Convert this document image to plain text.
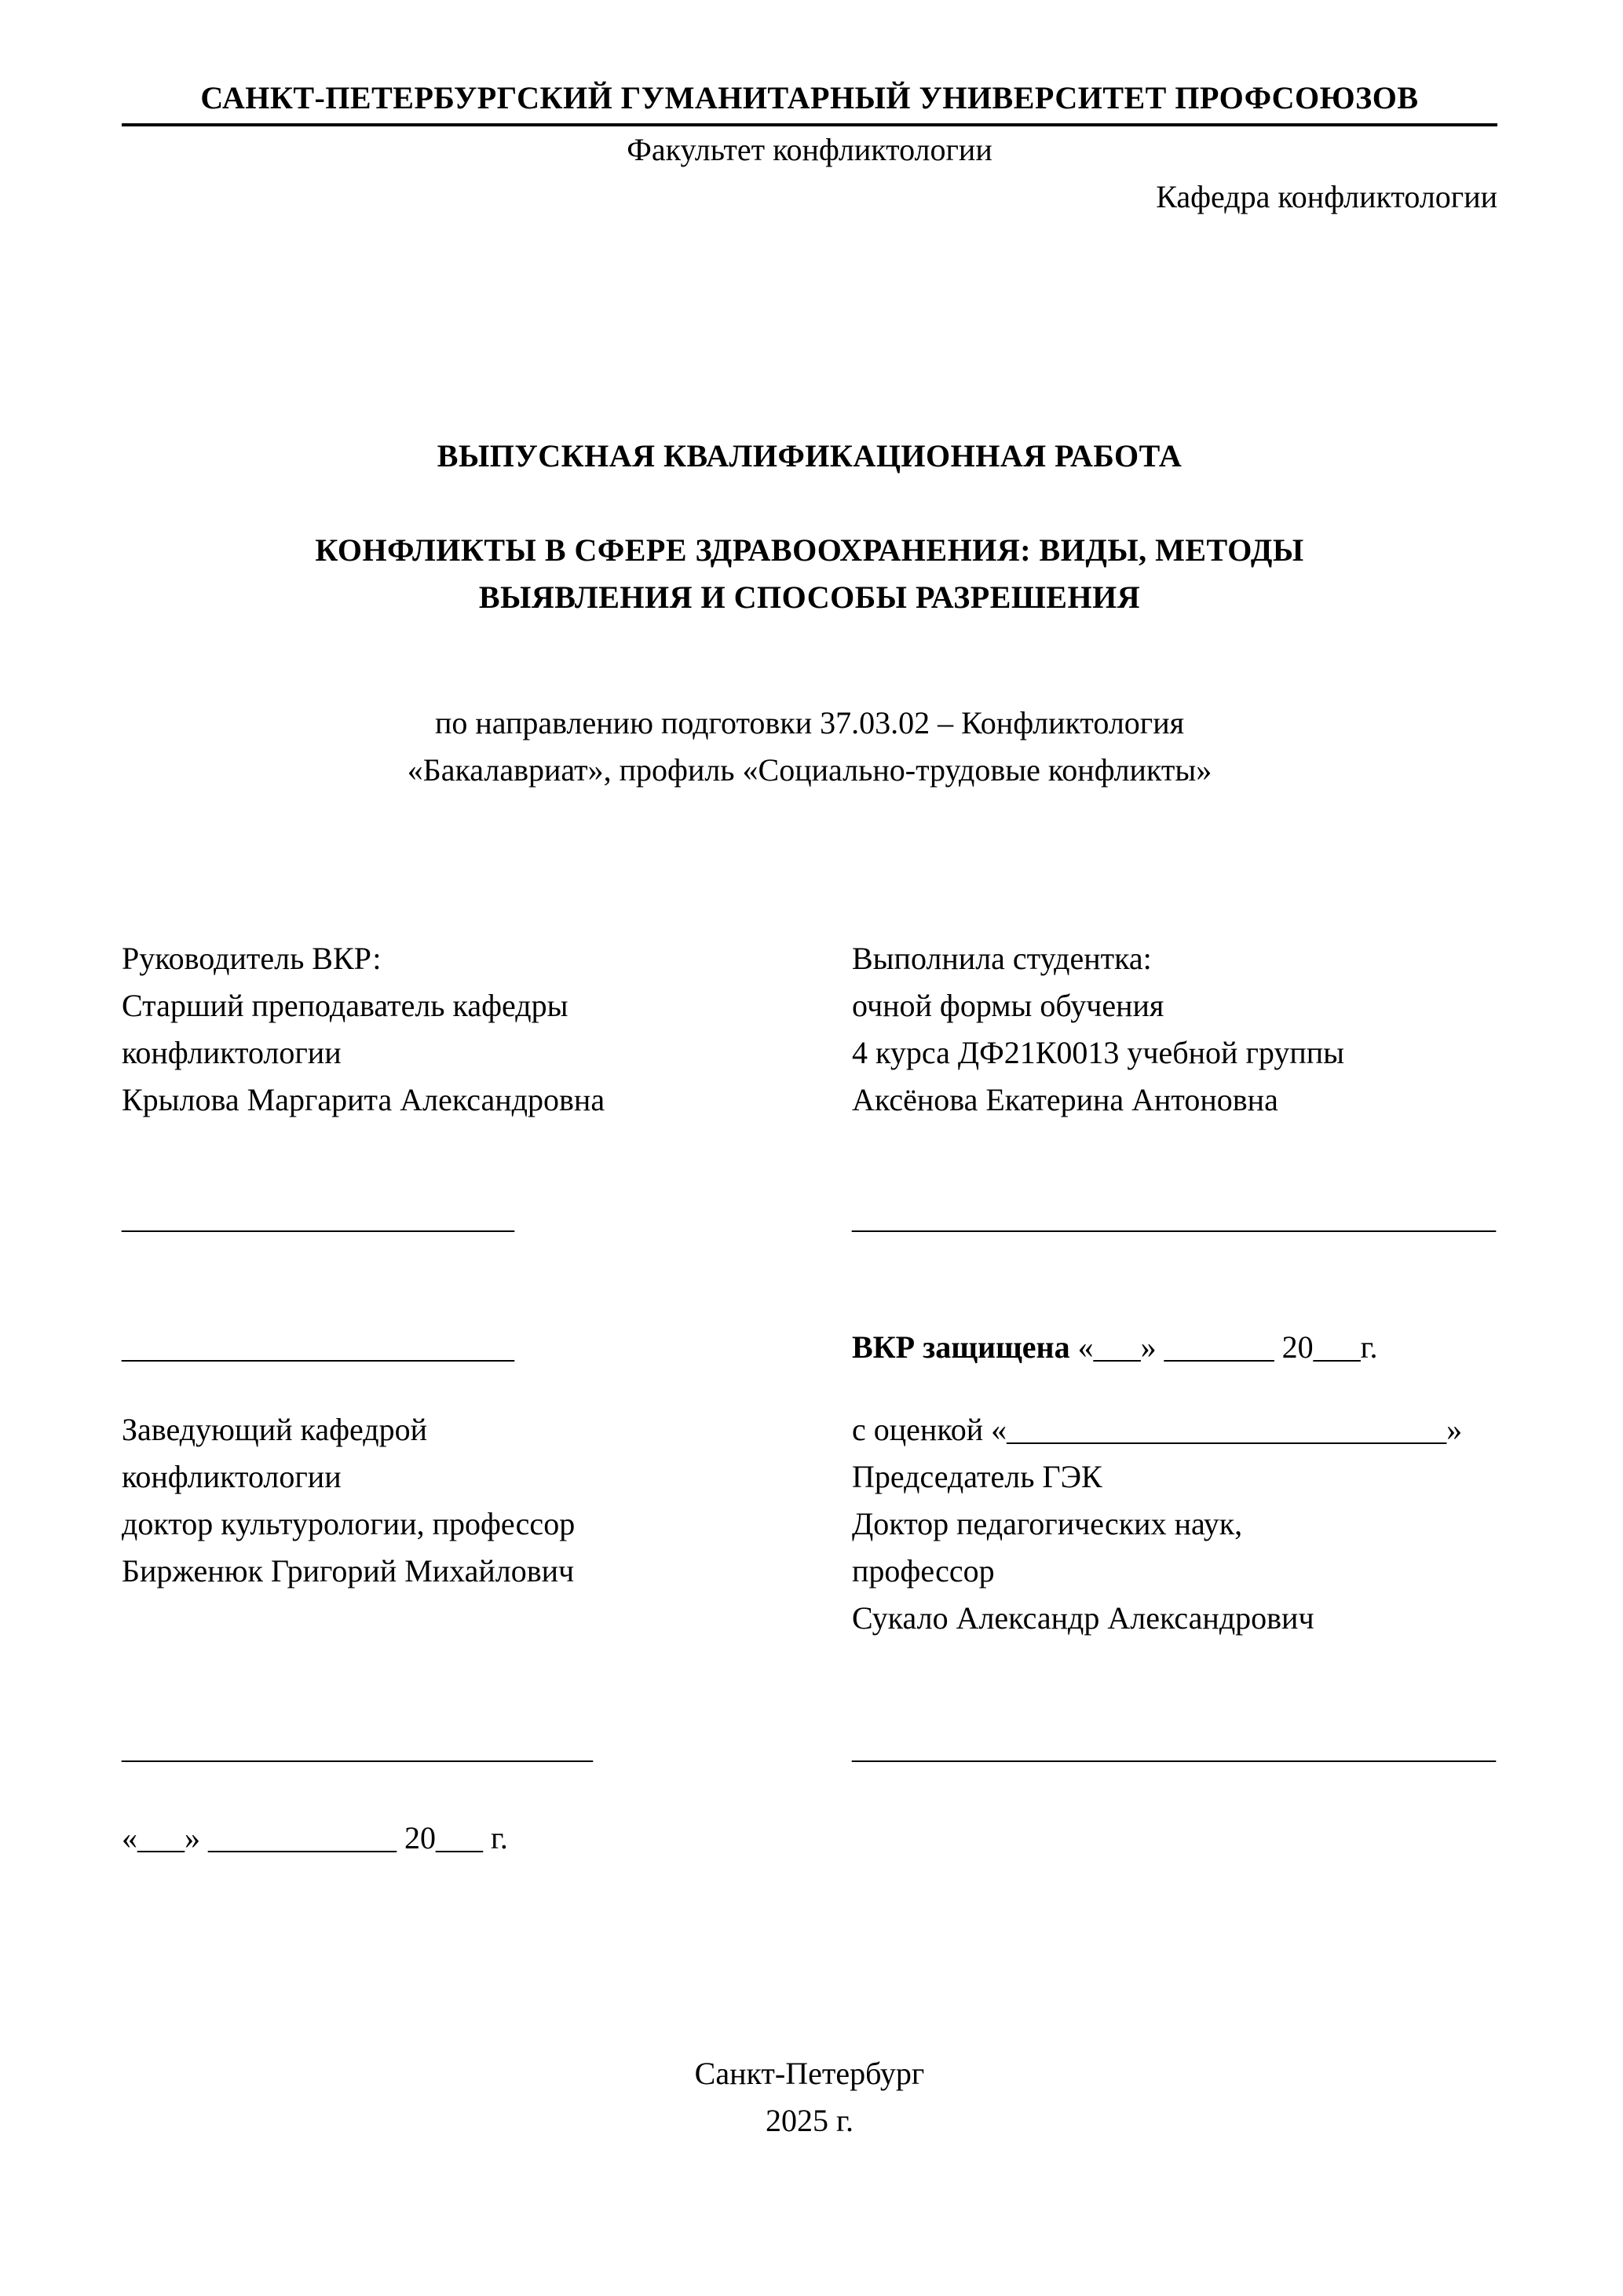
САНКТ-ПЕТЕРБУРГСКИЙ ГУМАНИТАРНЫЙ УНИВЕРСИТЕТ ПРОФСОЮЗОВ
Факультет конфликтологии
Кафедра конфликтологии
ВЫПУСКНАЯ КВАЛИФИКАЦИОННАЯ РАБОТА
КОНФЛИКТЫ В СФЕРЕ ЗДРАВООХРАНЕНИЯ: ВИДЫ, МЕТОДЫ
ВЫЯВЛЕНИЯ И СПОСОБЫ РАЗРЕШЕНИЯ
по направлению подготовки 37.03.02 – Конфликтология
«Бакалавриат», профиль «Социально-трудовые конфликты»
Руководитель ВКР:
Старший преподаватель кафедры
конфликтологии
Крылова Маргарита Александровна
Выполнила студентка:
очной формы обучения
4 курса ДФ21К0013 учебной группы
Аксёнова Екатерина Антоновна
_________________________	_________________________________________
_________________________	ВКР защищена «___» _______ 20___г.
Заведующий кафедрой
конфликтологии
доктор культурологии, профессор
Бирженюк Григорий Михайлович
с оценкой «____________________________»
Председатель ГЭК
Доктор педагогических наук,
профессор
Сукало Александр Александрович
______________________________	_________________________________________
«___» ____________ 20___ г.
Санкт-Петербург
2025 г.
